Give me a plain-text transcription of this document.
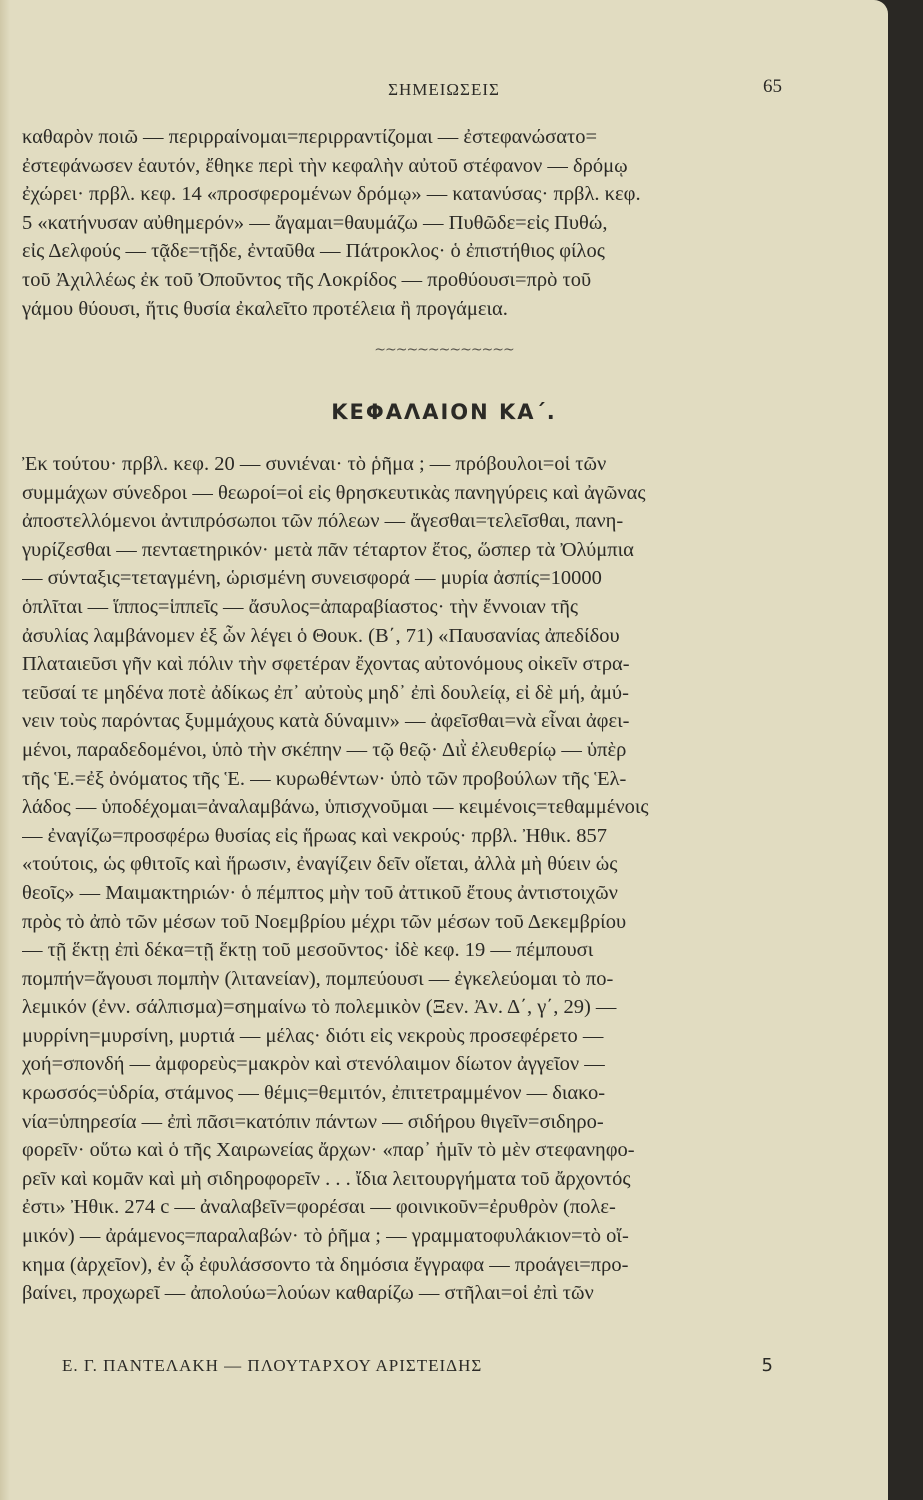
ΣΗΜΕΙΩΣΕΙΣ	65
καθαρὸν ποιῶ — περιρραίνομαι=περιρραντίζομαι — ἐστεφανώσατο=
ἐστεφάνωσεν ἑαυτόν, ἔθηκε περὶ τὴν κεφαλὴν αὐτοῦ στέφανον — δρόμῳ
ἐχώρει· πρβλ. κεφ. 14 «προσφερομένων δρόμῳ» — κατανύσας· πρβλ. κεφ.
5 «κατήνυσαν αὐθημερόν» — ἄγαμαι=θαυμάζω — Πυθῶδε=εἰς Πυθώ,
εἰς Δελφούς — τᾷδε=τῇδε, ἐνταῦθα — Πάτροκλος· ὁ ἐπιστήθιος φίλος
τοῦ Ἀχιλλέως ἐκ τοῦ Ὀποῦντος τῆς Λοκρίδος — προθύουσι=πρὸ τοῦ
γάμου θύουσι, ἥτις θυσία ἐκαλεῖτο προτέλεια ἢ προγάμεια.
~~~~~~~~~~~~~
ΚΕΦΑΛΑΙΟΝ ΚΑ΄.
Ἐκ τούτου· πρβλ. κεφ. 20 — συνιέναι· τὸ ῥῆμα ; — πρόβουλοι=οἱ τῶν
συμμάχων σύνεδροι — θεωροί=οἱ εἰς θρησκευτικὰς πανηγύρεις καὶ ἀγῶνας
ἀποστελλόμενοι ἀντιπρόσωποι τῶν πόλεων — ἄγεσθαι=τελεῖσθαι, πανη-
γυρίζεσθαι — πενταετηρικόν· μετὰ πᾶν τέταρτον ἔτος, ὥσπερ τὰ Ὀλύμπια
— σύνταξις=τεταγμένη, ὡρισμένη συνεισφορά — μυρία ἀσπίς=10000
ὁπλῖται — ἵππος=ἱππεῖς — ἄσυλος=ἀπαραβίαστος· τὴν ἔννοιαν τῆς
ἀσυλίας λαμβάνομεν ἐξ ὧν λέγει ὁ Θουκ. (Β΄, 71) «Παυσανίας ἀπεδίδου
Πλαταιεῦσι γῆν καὶ πόλιν τὴν σφετέραν ἔχοντας αὐτονόμους οἰκεῖν στρα-
τεῦσαί τε μηδένα ποτὲ ἀδίκως ἐπ᾽ αὐτοὺς μηδ᾽ ἐπὶ δουλείᾳ, εἰ δὲ μή, ἀμύ-
νειν τοὺς παρόντας ξυμμάχους κατὰ δύναμιν» — ἀφεῖσθαι=νὰ εἶναι ἀφει-
μένοι, παραδεδομένοι, ὑπὸ τὴν σκέπην — τῷ θεῷ· Διῒ ἐλευθερίῳ — ὑπὲρ
τῆς Ἑ.=ἐξ ὀνόματος τῆς Ἑ. — κυρωθέντων· ὑπὸ τῶν προβούλων τῆς Ἑλ-
λάδος — ὑποδέχομαι=ἀναλαμβάνω, ὑπισχνοῦμαι — κειμένοις=τεθαμμένοις
— ἐναγίζω=προσφέρω θυσίας εἰς ἥρωας καὶ νεκρούς· πρβλ. Ἠθικ. 857
«τούτοις, ὡς φθιτοῖς καὶ ἥρωσιν, ἐναγίζειν δεῖν οἴεται, ἀλλὰ μὴ θύειν ὡς
θεοῖς» — Μαιμακτηριών· ὁ πέμπτος μὴν τοῦ ἀττικοῦ ἔτους ἀντιστοιχῶν
πρὸς τὸ ἀπὸ τῶν μέσων τοῦ Νοεμβρίου μέχρι τῶν μέσων τοῦ Δεκεμβρίου
— τῇ ἕκτῃ ἐπὶ δέκα=τῇ ἕκτῃ τοῦ μεσοῦντος· ἰδὲ κεφ. 19 — πέμπουσι
πομπήν=ἄγουσι πομπὴν (λιτανείαν), πομπεύουσι — ἐγκελεύομαι τὸ πο-
λεμικόν (ἐνν. σάλπισμα)=σημαίνω τὸ πολεμικὸν (Ξεν. Ἀν. Δ΄, γ΄, 29) —
μυρρίνη=μυρσίνη, μυρτιά — μέλας· διότι εἰς νεκροὺς προσεφέρετο —
χοή=σπονδή — ἀμφορεὺς=μακρὸν καὶ στενόλαιμον δίωτον ἀγγεῖον —
κρωσσός=ὑδρία, στάμνος — θέμις=θεμιτόν, ἐπιτετραμμένον — διακο-
νία=ὑπηρεσία — ἐπὶ πᾶσι=κατόπιν πάντων — σιδήρου θιγεῖν=σιδηρο-
φορεῖν· οὕτω καὶ ὁ τῆς Χαιρωνείας ἄρχων· «παρ᾽ ἡμῖν τὸ μὲν στεφανηφο-
ρεῖν καὶ κομᾶν καὶ μὴ σιδηροφορεῖν . . . ἴδια λειτουργήματα τοῦ ἄρχοντός
ἐστι» Ἠθικ. 274 c — ἀναλαβεῖν=φορέσαι — φοινικοῦν=ἐρυθρὸν (πολε-
μικόν) — ἀράμενος=παραλαβών· τὸ ῥῆμα ; — γραμματοφυλάκιον=τὸ οἴ-
κημα (ἀρχεῖον), ἐν ᾧ ἐφυλάσσοντο τὰ δημόσια ἔγγραφα — προάγει=προ-
βαίνει, προχωρεῖ — ἀπολούω=λούων καθαρίζω — στῆλαι=οἱ ἐπὶ τῶν
Ε. Γ. ΠΑΝΤΕΛΑΚΗ — ΠΛΟΥΤΑΡΧΟΥ ΑΡΙΣΤΕΙΔΗΣ	5
